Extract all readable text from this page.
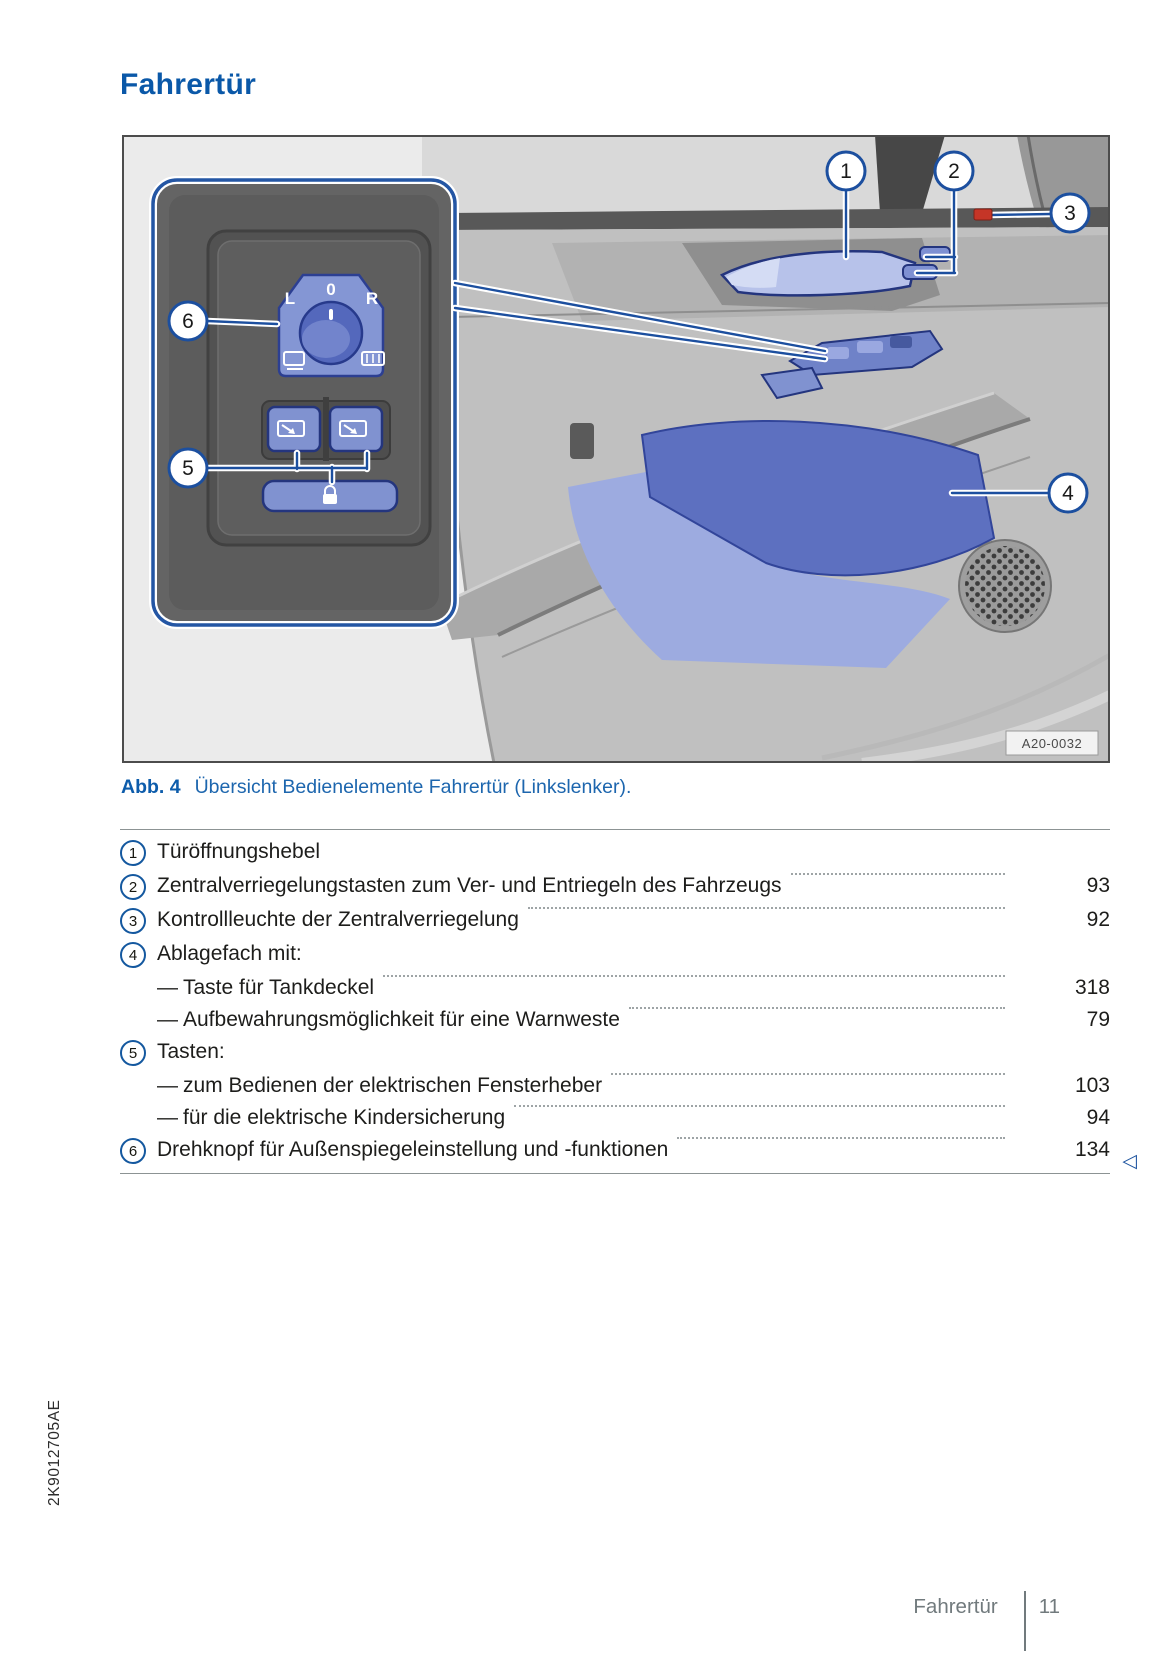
Fahrertür
L 0 R
1	2
3
4
5
6
A20-0032
Abb. 4 Übersicht Bedienelemente Fahrertür (Linkslenker).
1 Türöffnungshebel
2 Zentralverriegelungstasten zum Ver- und Entriegeln des Fahrzeugs	93
3 Kontrollleuchte der Zentralverriegelung	92
4 Ablagefach mit:
— Taste für Tankdeckel	318
— Aufbewahrungsmöglichkeit für eine Warnweste	79
5 Tasten:
— zum Bedienen der elektrischen Fensterheber	103
— für die elektrische Kindersicherung	94
6 Drehknopf für Außenspiegeleinstellung und -funktionen	134
◁
2K9012705AE
Fahrertür 11
